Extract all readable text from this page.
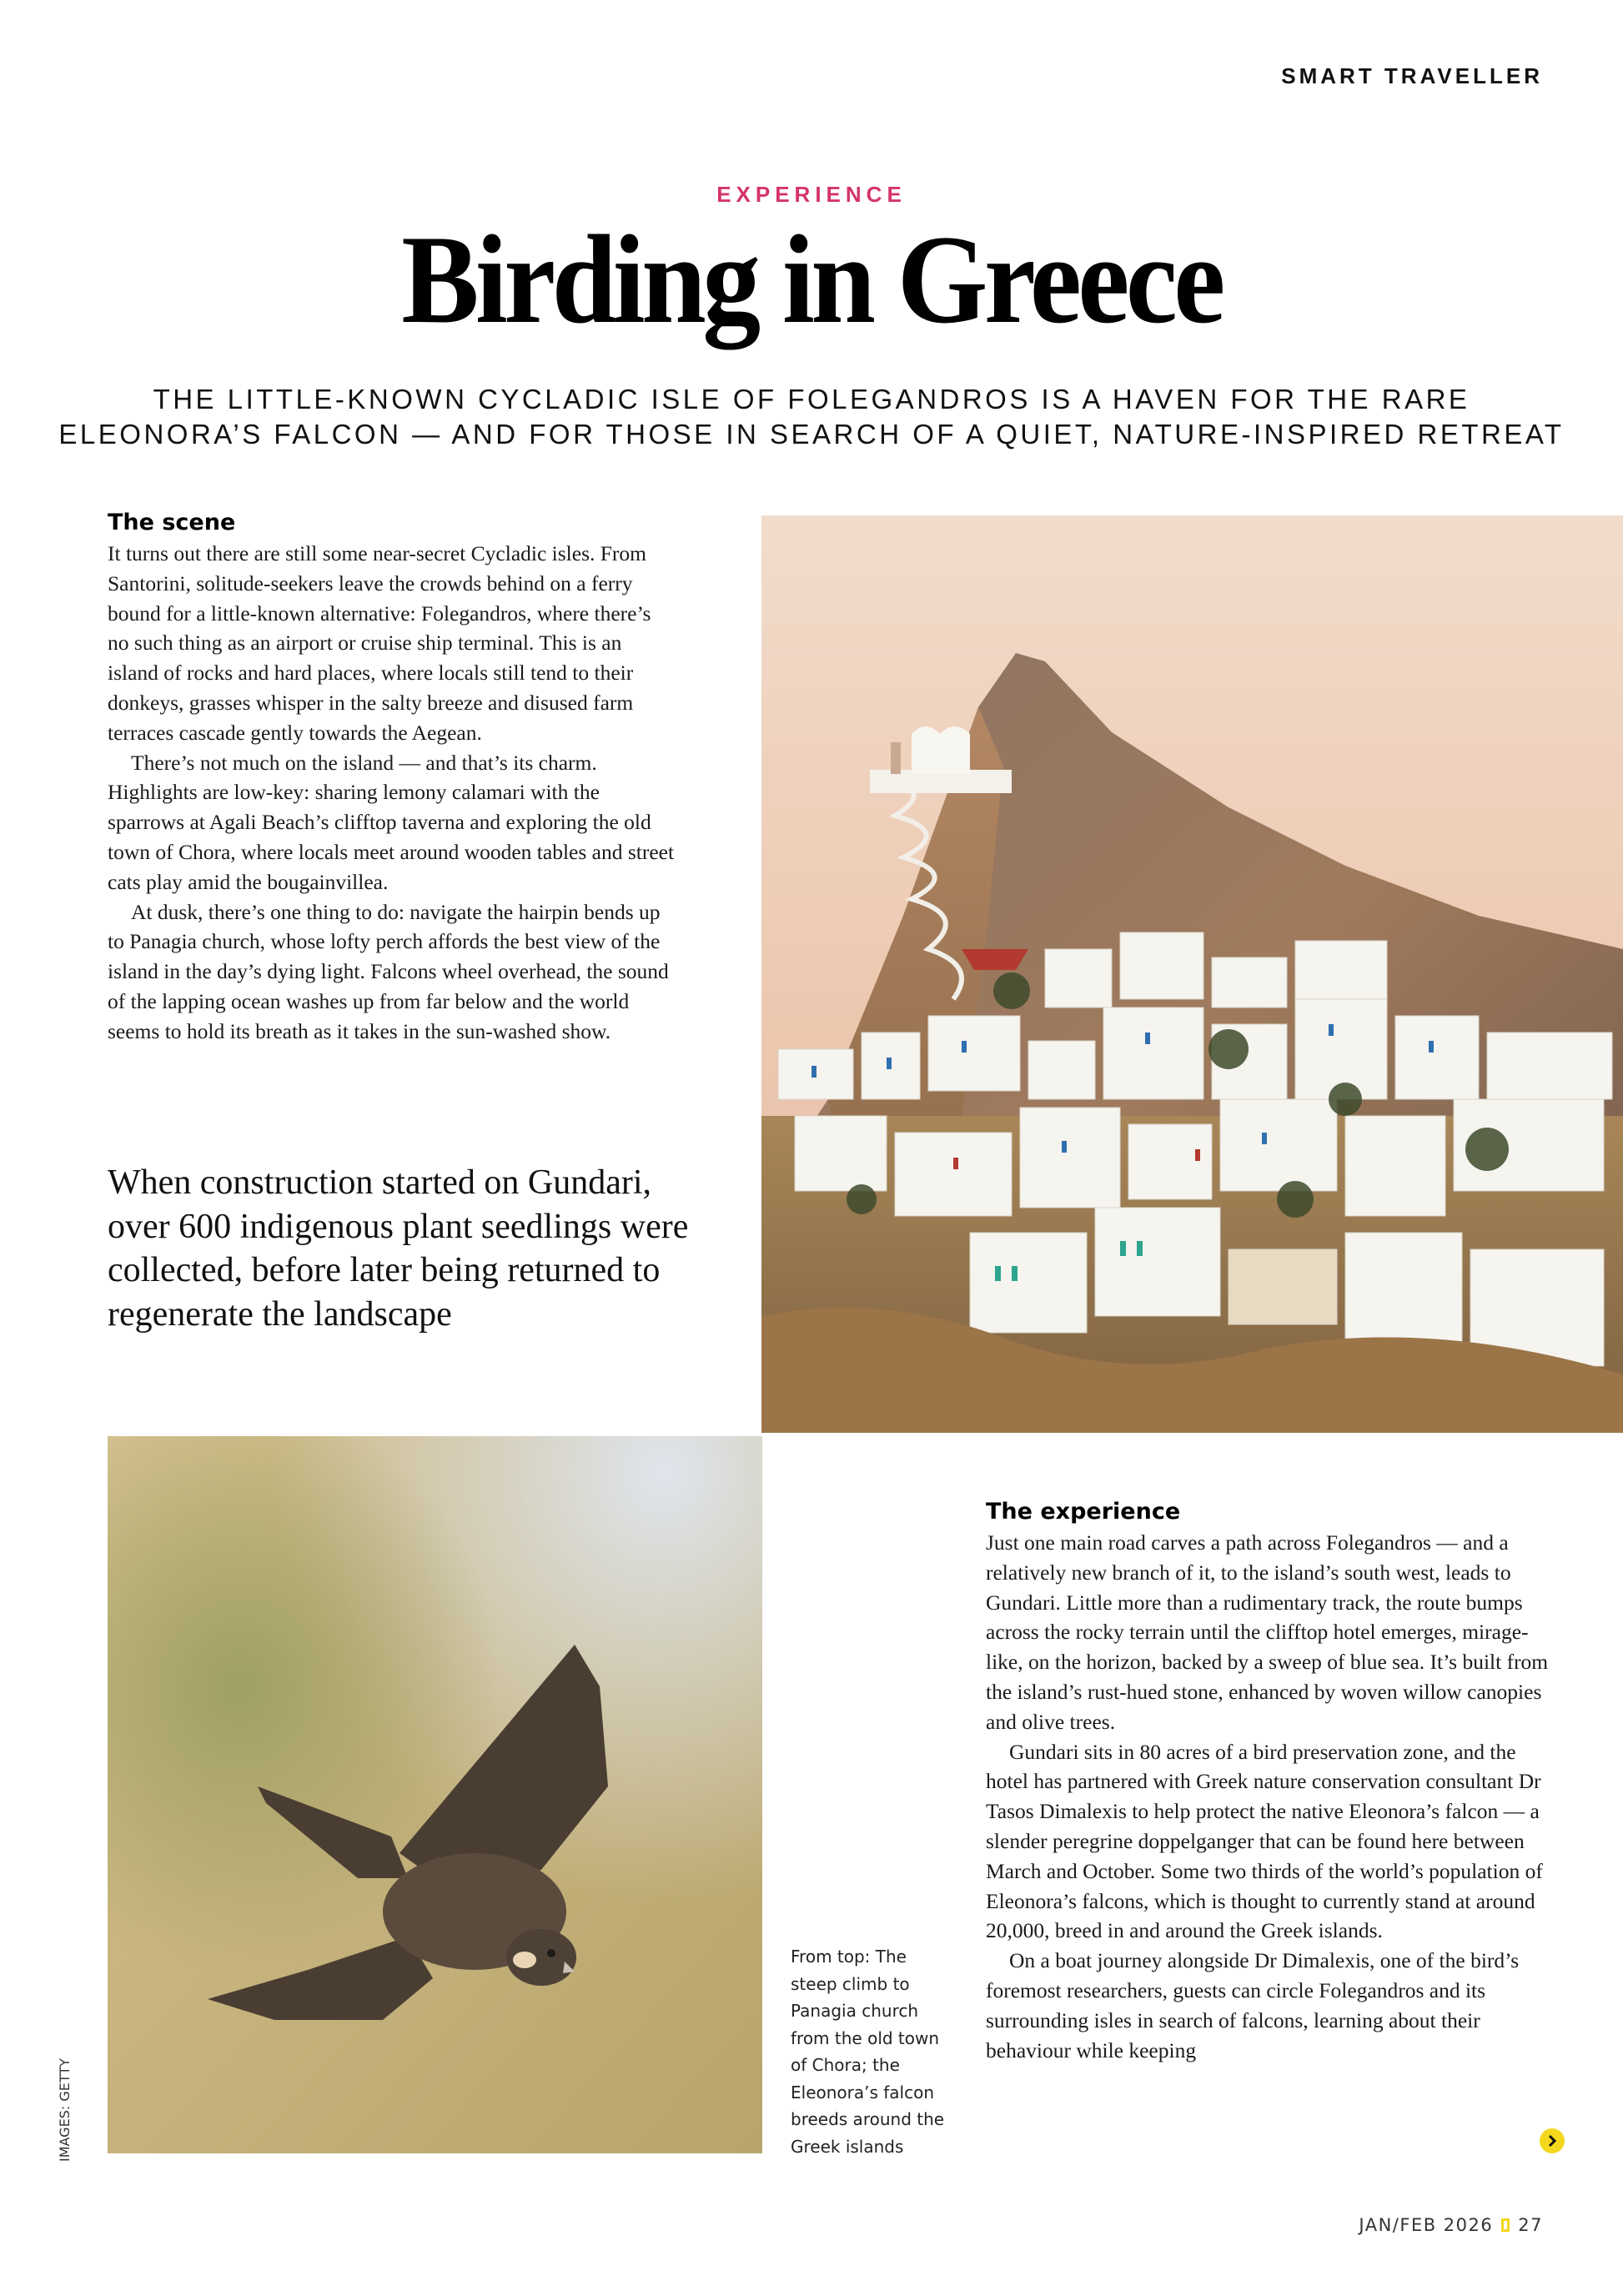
SMART TRAVELLER
EXPERIENCE
Birding in Greece
THE LITTLE-KNOWN CYCLADIC ISLE OF FOLEGANDROS IS A HAVEN FOR THE RARE
ELEONORA’S FALCON — AND FOR THOSE IN SEARCH OF A QUIET, NATURE-INSPIRED RETREAT
The scene

It turns out there are still some near-secret Cycladic isles. From Santorini, solitude-seekers leave the crowds behind on a ferry bound for a little-known alternative: Folegandros, where there’s no such thing as an airport or cruise ship terminal. This is an island of rocks and hard places, where locals still tend to their donkeys, grasses whisper in the salty breeze and disused farm terraces cascade gently towards the Aegean.

There’s not much on the island — and that’s its charm. Highlights are low-key: sharing lemony calamari with the sparrows at Agali Beach’s clifftop taverna and exploring the old town of Chora, where locals meet around wooden tables and street cats play amid the bougainvillea.

At dusk, there’s one thing to do: navigate the hairpin bends up to Panagia church, whose lofty perch affords the best view of the island in the day’s dying light. Falcons wheel overhead, the sound of the lapping ocean washes up from far below and the world seems to hold its breath as it takes in the sun-washed show.

When construction started on Gundari, over 600 indigenous plant seedlings were collected, before later being returned to regenerate the landscape
From top: The steep climb to Panagia church from the old town of Chora; the Eleonora’s falcon breeds around the Greek islands
The experience

Just one main road carves a path across Folegandros — and a relatively new branch of it, to the island’s south west, leads to Gundari. Little more than a rudimentary track, the route bumps across the rocky terrain until the clifftop hotel emerges, mirage-like, on the horizon, backed by a sweep of blue sea. It’s built from the island’s rust-hued stone, enhanced by woven willow canopies and olive trees.

Gundari sits in 80 acres of a bird preservation zone, and the hotel has partnered with Greek nature conservation consultant Dr Tasos Dimalexis to help protect the native Eleonora’s falcon — a slender peregrine doppelganger that can be found here between March and October. Some two thirds of the world’s population of Eleonora’s falcons, which is thought to currently stand at around 20,000, breed in and around the Greek islands.

On a boat journey alongside Dr Dimalexis, one of the bird’s foremost researchers, guests can circle Folegandros and its surrounding isles in search of falcons, learning about their behaviour while keeping

IMAGES: GETTY
JAN/FEB 2026 27
